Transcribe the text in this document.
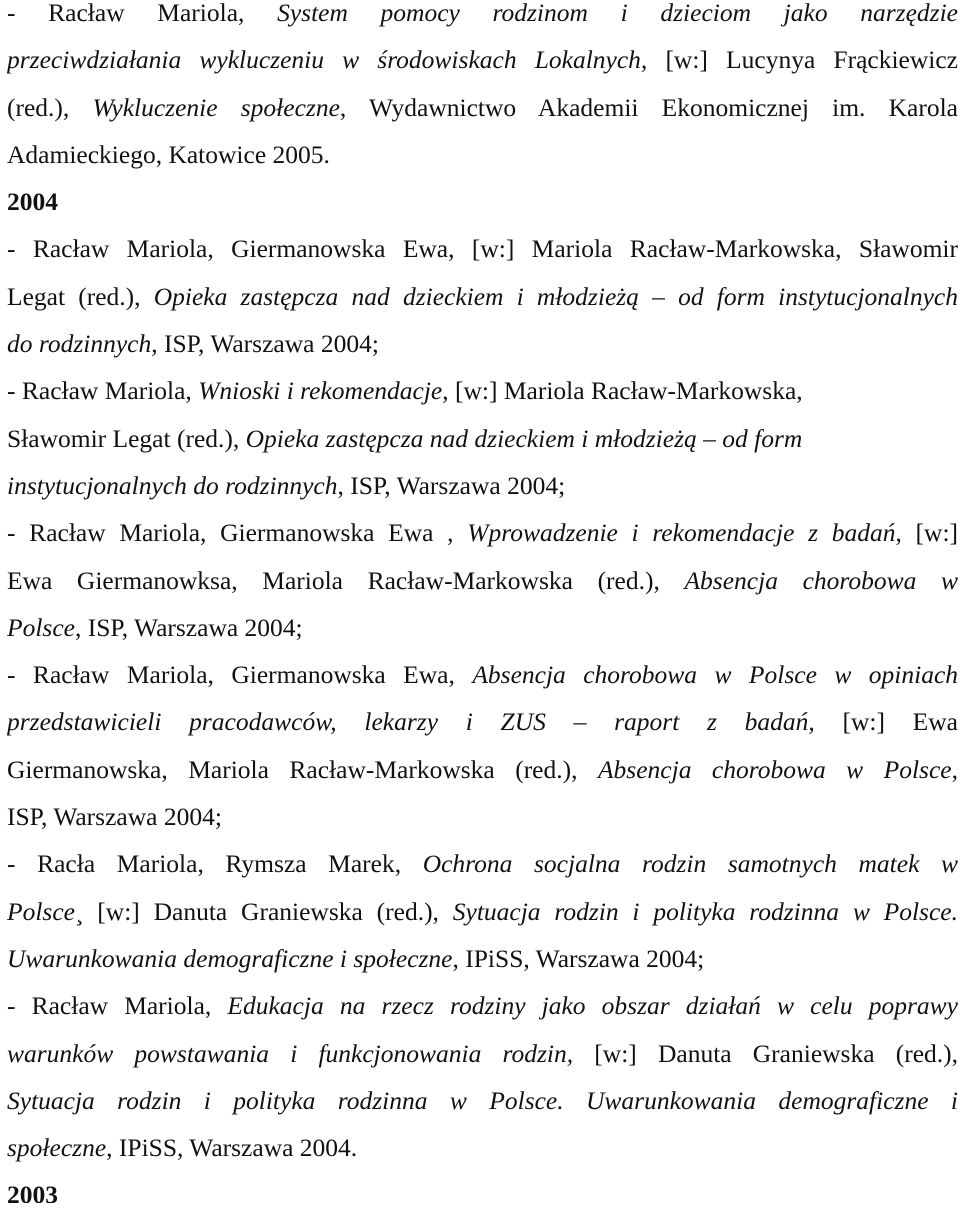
- Racław Mariola, System pomocy rodzinom i dzieciom jako narzędzie
przeciwdziałania wykluczeniu w środowiskach Lokalnych, [w:] Lucynya Frąckiewicz
(red.), Wykluczenie społeczne, Wydawnictwo Akademii Ekonomicznej im. Karola
Adamieckiego, Katowice 2005.
2004
- Racław Mariola, Giermanowska Ewa, [w:] Mariola Racław-Markowska, Sławomir
Legat (red.), Opieka zastępcza nad dzieckiem i młodzieżą – od form instytucjonalnych
do rodzinnych, ISP, Warszawa 2004;
- Racław Mariola, Wnioski i rekomendacje, [w:] Mariola Racław-Markowska,
Sławomir Legat (red.), Opieka zastępcza nad dzieckiem i młodzieżą – od form
instytucjonalnych do rodzinnych, ISP, Warszawa 2004;
- Racław Mariola, Giermanowska Ewa , Wprowadzenie i rekomendacje z badań, [w:]
Ewa Giermanowksa, Mariola Racław-Markowska (red.), Absencja chorobowa w
Polsce, ISP, Warszawa 2004;
- Racław Mariola, Giermanowska Ewa, Absencja chorobowa w Polsce w opiniach
przedstawicieli pracodawców, lekarzy i ZUS – raport z badań, [w:] Ewa
Giermanowska, Mariola Racław-Markowska (red.), Absencja chorobowa w Polsce,
ISP, Warszawa 2004;
- Racła Mariola, Rymsza Marek, Ochrona socjalna rodzin samotnych matek w
Polsce¸ [w:] Danuta Graniewska (red.), Sytuacja rodzin i polityka rodzinna w Polsce.
Uwarunkowania demograficzne i społeczne, IPiSS, Warszawa 2004;
- Racław Mariola, Edukacja na rzecz rodziny jako obszar działań w celu poprawy
warunków powstawania i funkcjonowania rodzin, [w:] Danuta Graniewska (red.),
Sytuacja rodzin i polityka rodzinna w Polsce. Uwarunkowania demograficzne i
społeczne, IPiSS, Warszawa 2004.
2003
